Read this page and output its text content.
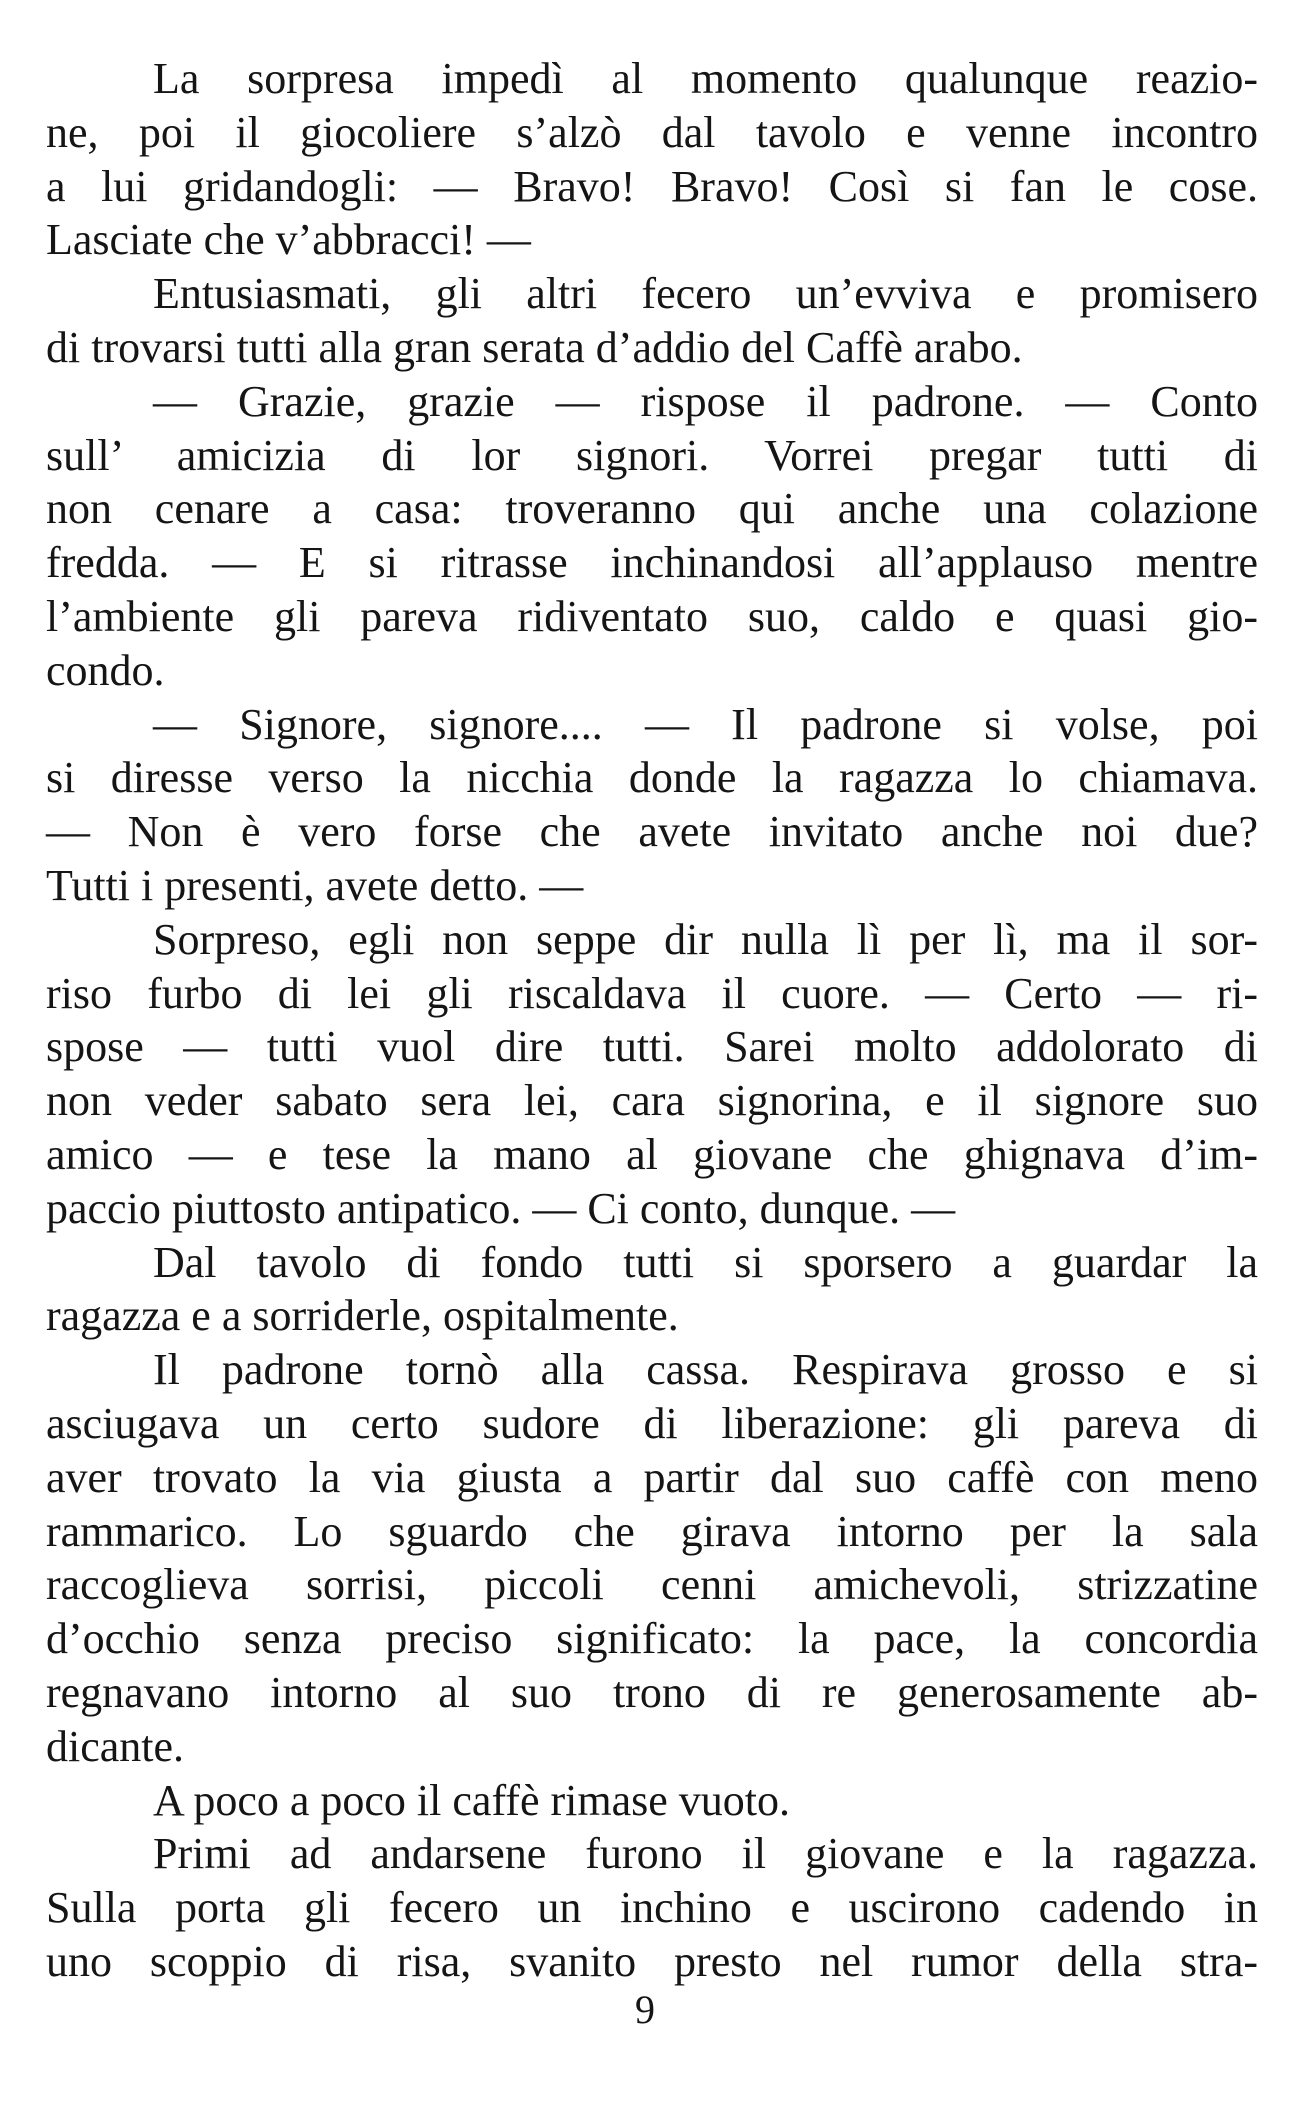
La sorpresa impedì al momento qualunque reazio-
ne, poi il giocoliere s’alzò dal tavolo e venne incontro
a lui gridandogli: — Bravo! Bravo! Così si fan le cose.
Lasciate che v’abbracci! —
Entusiasmati, gli altri fecero un’evviva e promisero
di trovarsi tutti alla gran serata d’addio del Caffè arabo.
— Grazie, grazie — rispose il padrone. — Conto
sull’ amicizia di lor signori. Vorrei pregar tutti di
non cenare a casa: troveranno qui anche una colazione
fredda. — E si ritrasse inchinandosi all’applauso mentre
l’ambiente gli pareva ridiventato suo, caldo e quasi gio-
condo.
— Signore, signore.... — Il padrone si volse, poi
si diresse verso la nicchia donde la ragazza lo chiamava.
— Non è vero forse che avete invitato anche noi due?
Tutti i presenti, avete detto. —
Sorpreso, egli non seppe dir nulla lì per lì, ma il sor-
riso furbo di lei gli riscaldava il cuore. — Certo — ri-
spose — tutti vuol dire tutti. Sarei molto addolorato di
non veder sabato sera lei, cara signorina, e il signore suo
amico — e tese la mano al giovane che ghignava d’im-
paccio piuttosto antipatico. — Ci conto, dunque. —
Dal tavolo di fondo tutti si sporsero a guardar la
ragazza e a sorriderle, ospitalmente.
Il padrone tornò alla cassa. Respirava grosso e si
asciugava un certo sudore di liberazione: gli pareva di
aver trovato la via giusta a partir dal suo caffè con meno
rammarico. Lo sguardo che girava intorno per la sala
raccoglieva sorrisi, piccoli cenni amichevoli, strizzatine
d’occhio senza preciso significato: la pace, la concordia
regnavano intorno al suo trono di re generosamente ab-
dicante.
A poco a poco il caffè rimase vuoto.
Primi ad andarsene furono il giovane e la ragazza.
Sulla porta gli fecero un inchino e uscirono cadendo in
uno scoppio di risa, svanito presto nel rumor della stra-
9
